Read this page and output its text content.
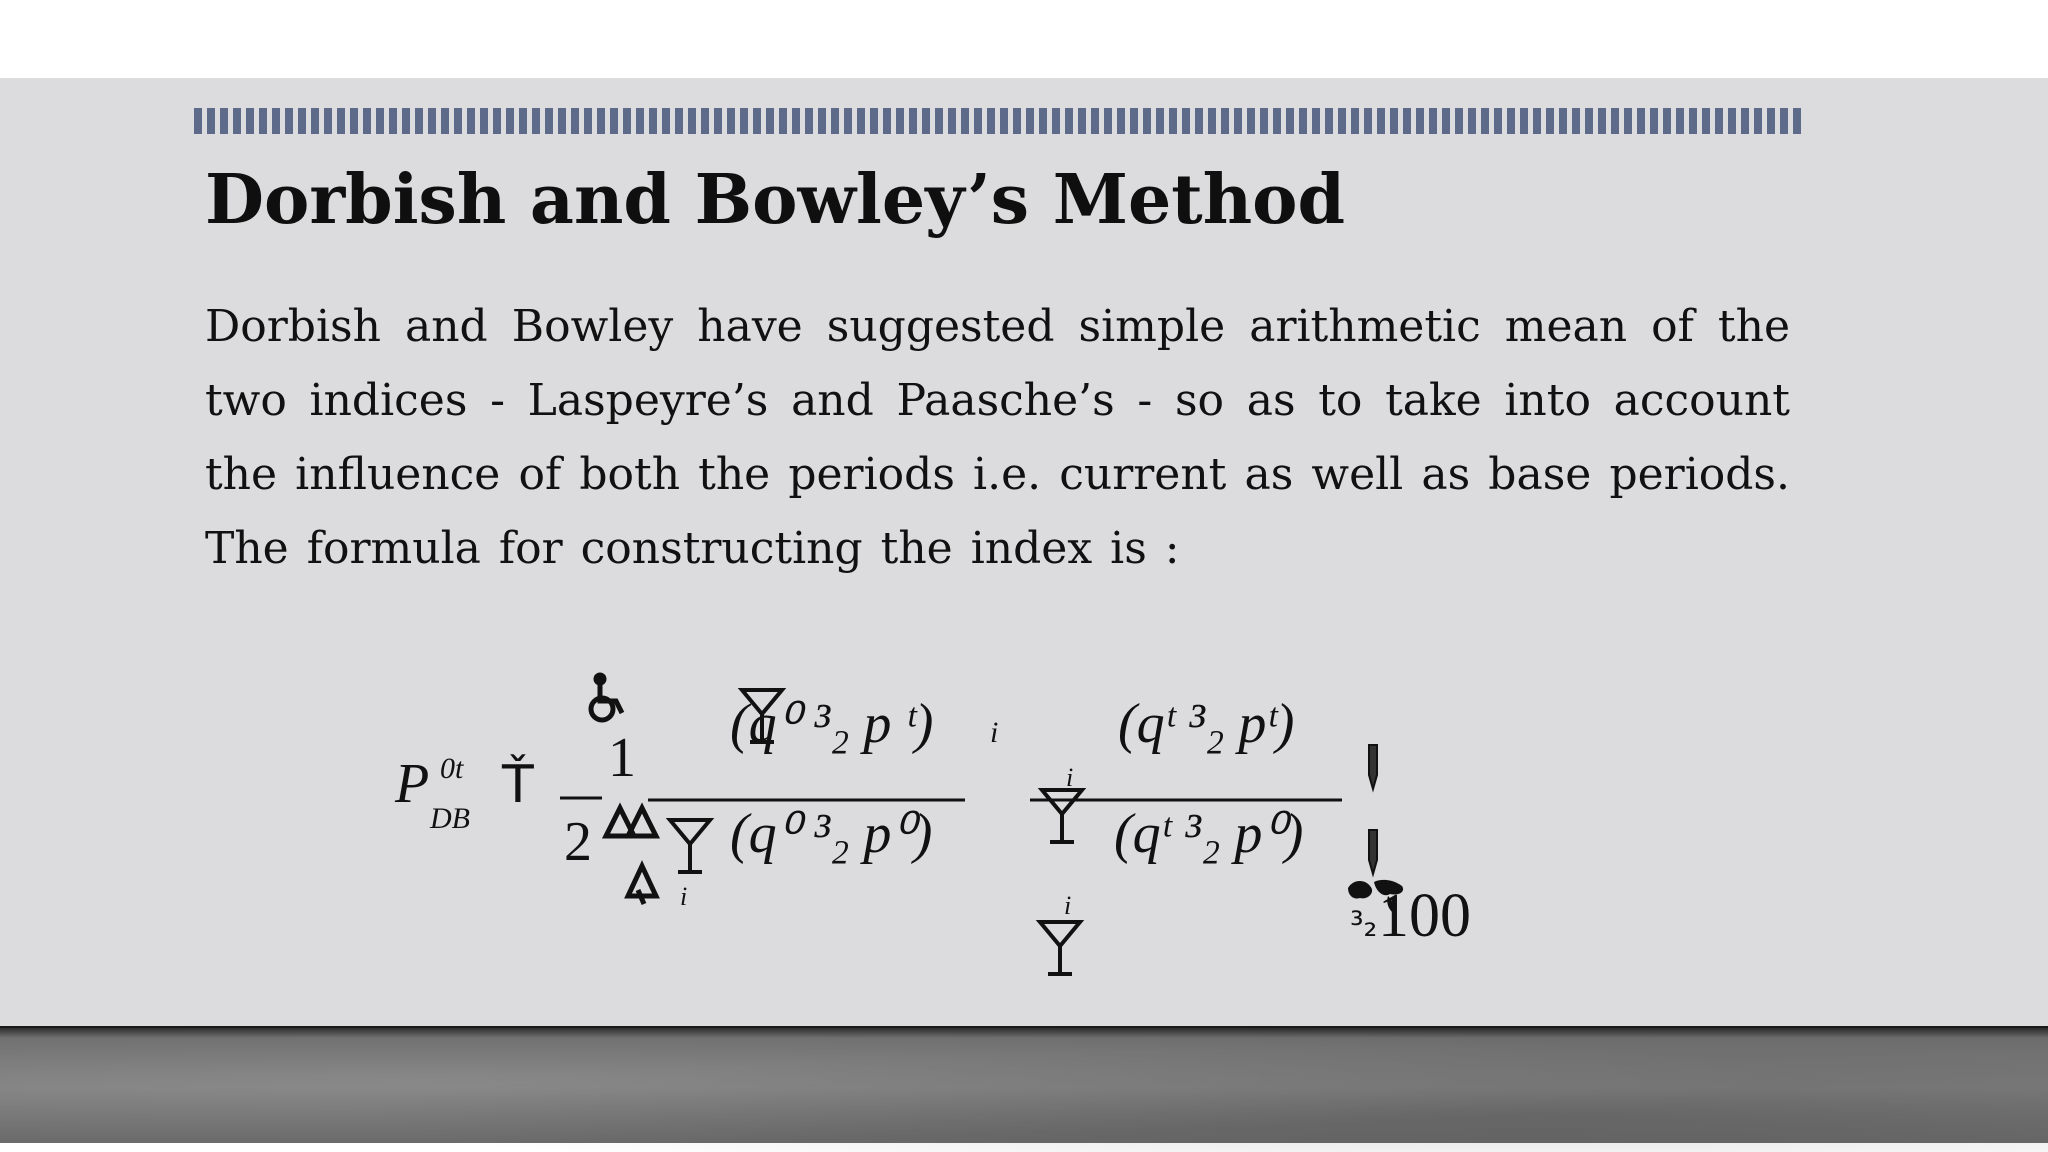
Dorbish and Bowley’s Method

Dorbish and Bowley have suggested simple arithmetic mean of the two indices - Laspeyre’s and Paasche’s - so as to take into account the influence of both the periods i.e. current as well as base periods. The formula for constructing the index is :

P 0t
DB
Ť 1
2
(q⁰ ³₂ p ᵗ)
(q⁰ ³₂ p⁰)
i
i
(qᵗ ³₂ pᵗ)
(qᵗ ³₂ p⁰)
i
i	³₂ 100
